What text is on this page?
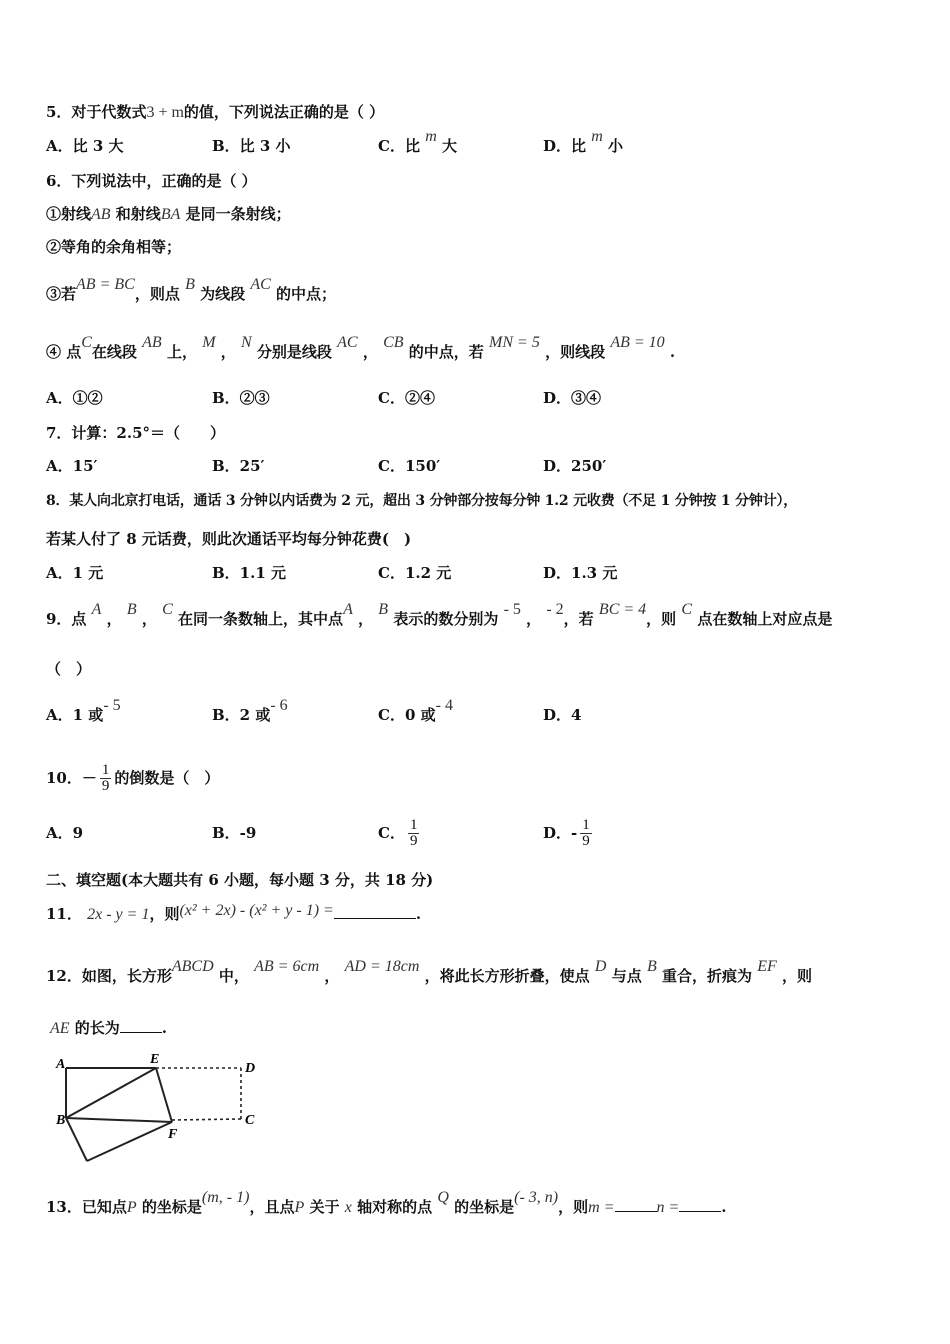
5．对于代数式3 + m的值，下列说法正确的是（ ）
A．比 3 大	B．比 3 小	C．比 m 大	D．比 m 小
6．下列说法中，正确的是（ ）
①射线AB 和射线BA 是同一条射线；
②等角的余角相等；
③若AB = BC，则点 B 为线段 AC 的中点；
④ 点C在线段 AB 上， M ， N 分别是线段 AC ， CB 的中点，若 MN = 5 ，则线段 AB = 10 .
A．①②	B．②③	C．②④	D．③④
7．计算：2.5°＝（　　）
A．15′	B．25′	C．150′	D．250′
8．某人向北京打电话，通话 3 分钟以内话费为 2 元，超出 3 分钟部分按每分钟 1.2 元收费（不足 1 分钟按 1 分钟计），
若某人付了 8 元话费，则此次通话平均每分钟花费(　)
A．1 元	B．1.1 元	C．1.2 元	D．1.3 元
9．点 A ， B ， C 在同一条数轴上，其中点A ， B 表示的数分别为 - 5 ， - 2，若 BC = 4，则 C 点在数轴上对应点是
（　）
A．1 或- 5
B．2 或- 6
C．0 或- 4
D．4
10．－ $\frac{1}{9}$ 的倒数是（　）
A．9	B．-9	C． $\frac{1}{9}$	D．- $\frac{1}{9}$
二、填空题(本大题共有 6 小题，每小题 3 分，共 18 分)
11． 2x - y = 1，则(x² + 2x) - (x² + y - 1) =	.
12．如图，长方形ABCD 中， AB = 6cm ， AD = 18cm ，将此长方形折叠，使点 D 与点 B 重合，折痕为 EF ，则
AE 的长为	.
A	E
D
B
F
C
13．已知点P 的坐标是(m, - 1)，且点P 关于 x 轴对称的点 Q 的坐标是(- 3, n)，则m =	n =	.
